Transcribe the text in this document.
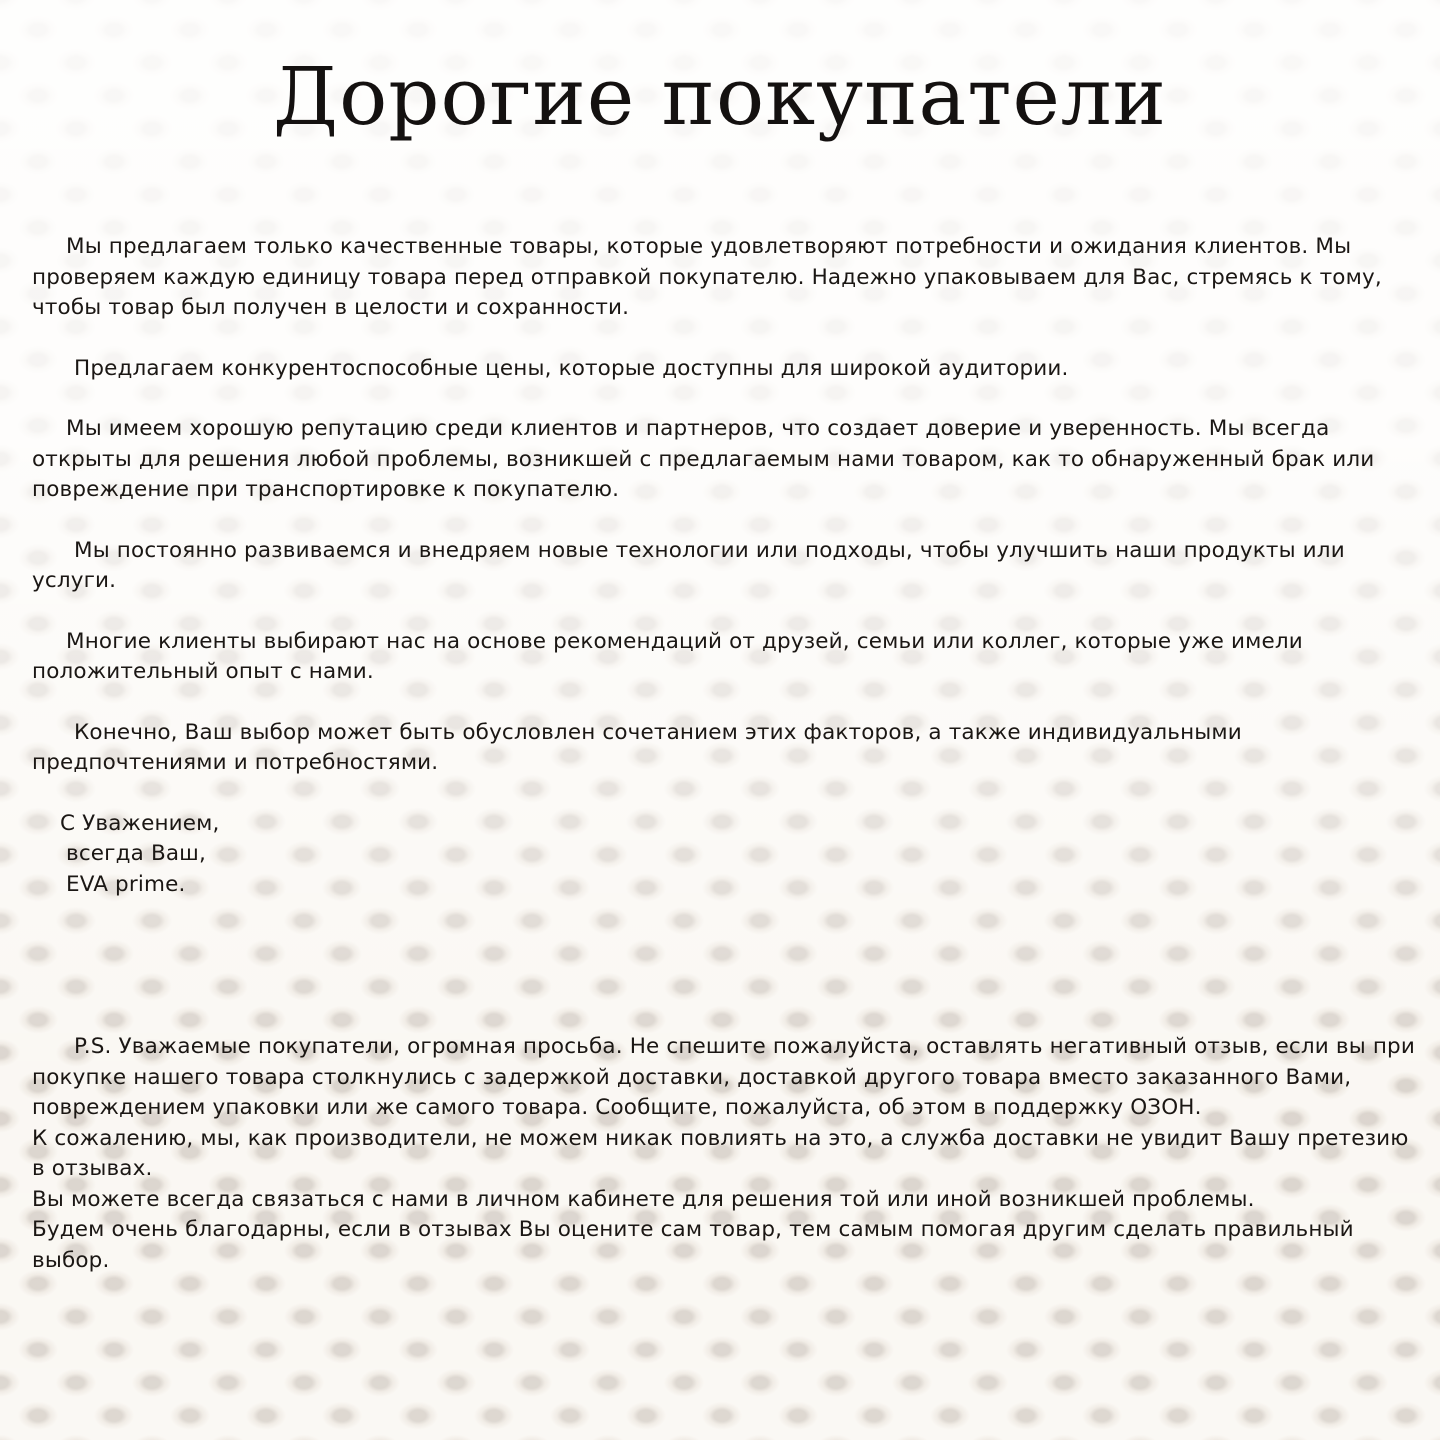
Дорогие покупатели

Мы предлагаем только качественные товары, которые удовлетворяют потребности и ожидания клиентов. Мы проверяем каждую единицу товара перед отправкой покупателю. Надежно упаковываем для Вас, стремясь к тому, чтобы товар был получен в целости и сохранности.

Предлагаем конкурентоспособные цены, которые доступны для широкой аудитории.

Мы имеем хорошую репутацию среди клиентов и партнеров, что создает доверие и уверенность. Мы всегда открыты для решения любой проблемы, возникшей с предлагаемым нами товаром, как то обнаруженный брак или повреждение при транспортировке к покупателю.

Мы постоянно развиваемся и внедряем новые технологии или подходы, чтобы улучшить наши продукты или услуги.

Многие клиенты выбирают нас на основе рекомендаций от друзей, семьи или коллег, которые уже имели положительный опыт с нами.

Конечно, Ваш выбор может быть обусловлен сочетанием этих факторов, а также индивидуальными предпочтениями и потребностями.

С Уважением,
всегда Ваш,
EVA prime.

P.S. Уважаемые покупатели, огромная просьба. Не спешите пожалуйста, оставлять негативный отзыв, если вы при покупке нашего товара столкнулись с задержкой доставки, доставкой другого товара вместо заказанного Вами, повреждением упаковки или же самого товара. Сообщите, пожалуйста, об этом в поддержку ОЗОН.

К сожалению, мы, как производители, не можем никак повлиять на это, а служба доставки не увидит Вашу претезию в отзывах.

Вы можете всегда связаться с нами в личном кабинете для решения той или иной возникшей проблемы.

Будем очень благодарны, если в отзывах Вы оцените сам товар, тем самым помогая другим сделать правильный выбор.
